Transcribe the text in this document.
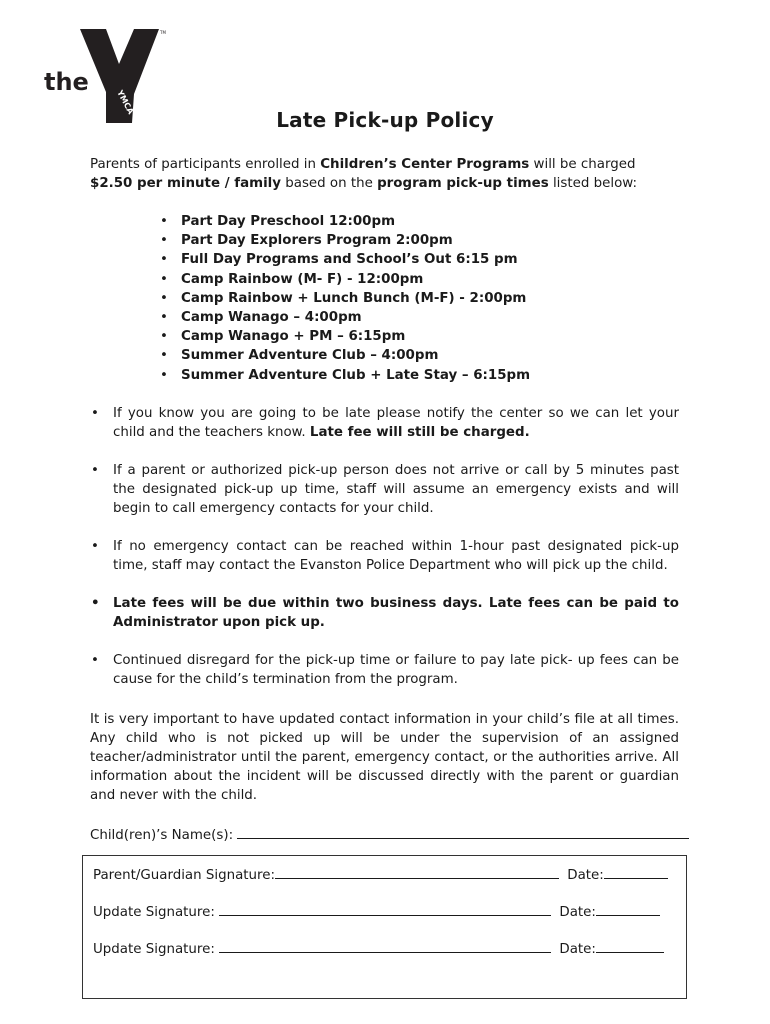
the
TM
YMCA
Late Pick-up Policy
Parents of participants enrolled in Children’s Center Programs will be charged
$2.50 per minute / family based on the program pick-up times listed below:
• Part Day Preschool 12:00pm
• Part Day Explorers Program 2:00pm
• Full Day Programs and School’s Out 6:15 pm
• Camp Rainbow (M- F) - 12:00pm
• Camp Rainbow + Lunch Bunch (M-F) - 2:00pm
• Camp Wanago – 4:00pm
• Camp Wanago + PM – 6:15pm
• Summer Adventure Club – 4:00pm
• Summer Adventure Club + Late Stay – 6:15pm
• If you know you are going to be late please notify the center so we can let your child and the teachers know. Late fee will still be charged.
• If a parent or authorized pick-up person does not arrive or call by 5 minutes past the designated pick-up up time, staff will assume an emergency exists and will begin to call emergency contacts for your child.
• If no emergency contact can be reached within 1-hour past designated pick-up time, staff may contact the Evanston Police Department who will pick up the child.
• Late fees will be due within two business days. Late fees can be paid to Administrator upon pick up.
• Continued disregard for the pick-up time or failure to pay late pick- up fees can be cause for the child’s termination from the program.
It is very important to have updated contact information in your child’s file at all times. Any child who is not picked up will be under the supervision of an assigned teacher/administrator until the parent, emergency contact, or the authorities arrive. All information about the incident will be discussed directly with the parent or guardian and never with the child.
Child(ren)’s Name(s):
Parent/Guardian Signature:	Date:
Update Signature:	Date:
Update Signature:	Date:
